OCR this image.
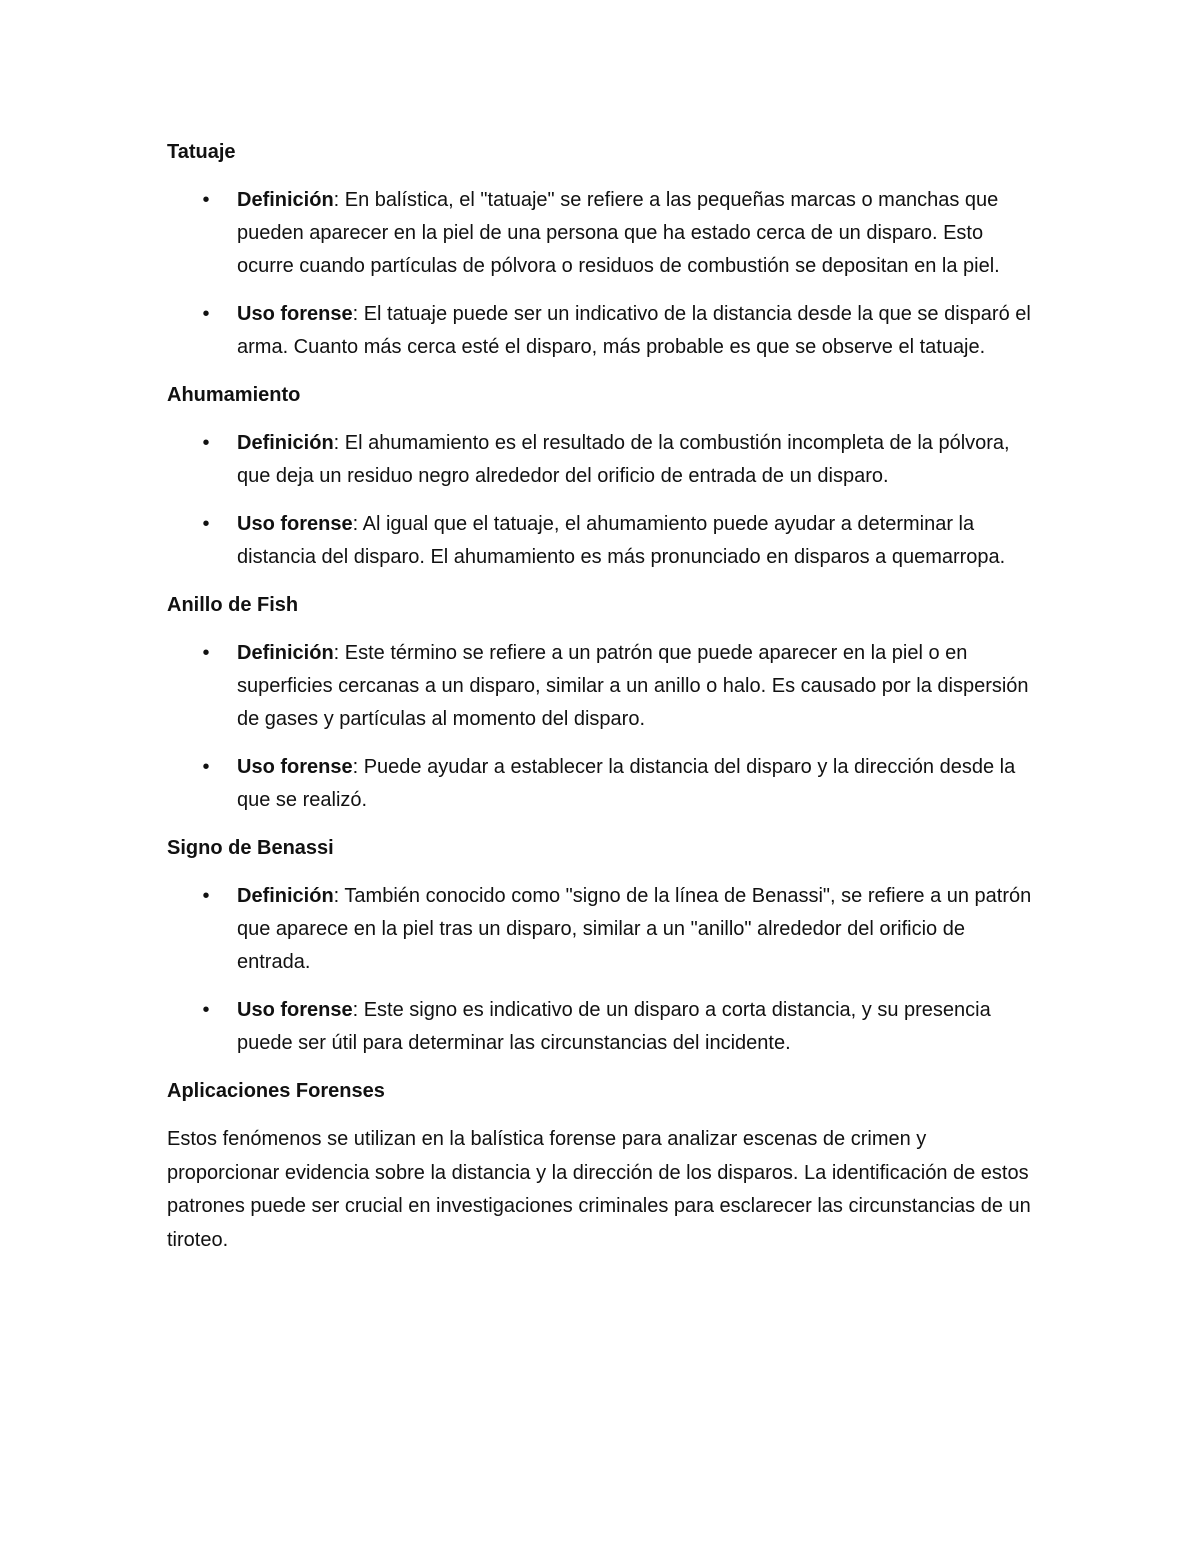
Tatuaje
• Definición: En balística, el "tatuaje" se refiere a las pequeñas marcas o manchas que pueden aparecer en la piel de una persona que ha estado cerca de un disparo. Esto ocurre cuando partículas de pólvora o residuos de combustión se depositan en la piel.
• Uso forense: El tatuaje puede ser un indicativo de la distancia desde la que se disparó el arma. Cuanto más cerca esté el disparo, más probable es que se observe el tatuaje.
Ahumamiento
• Definición: El ahumamiento es el resultado de la combustión incompleta de la pólvora, que deja un residuo negro alrededor del orificio de entrada de un disparo.
• Uso forense: Al igual que el tatuaje, el ahumamiento puede ayudar a determinar la distancia del disparo. El ahumamiento es más pronunciado en disparos a quemarropa.
Anillo de Fish
• Definición: Este término se refiere a un patrón que puede aparecer en la piel o en superficies cercanas a un disparo, similar a un anillo o halo. Es causado por la dispersión de gases y partículas al momento del disparo.
• Uso forense: Puede ayudar a establecer la distancia del disparo y la dirección desde la que se realizó.
Signo de Benassi
• Definición: También conocido como "signo de la línea de Benassi", se refiere a un patrón que aparece en la piel tras un disparo, similar a un "anillo" alrededor del orificio de entrada.
• Uso forense: Este signo es indicativo de un disparo a corta distancia, y su presencia puede ser útil para determinar las circunstancias del incidente.
Aplicaciones Forenses

Estos fenómenos se utilizan en la balística forense para analizar escenas de crimen y proporcionar evidencia sobre la distancia y la dirección de los disparos. La identificación de estos patrones puede ser crucial en investigaciones criminales para esclarecer las circunstancias de un tiroteo.
